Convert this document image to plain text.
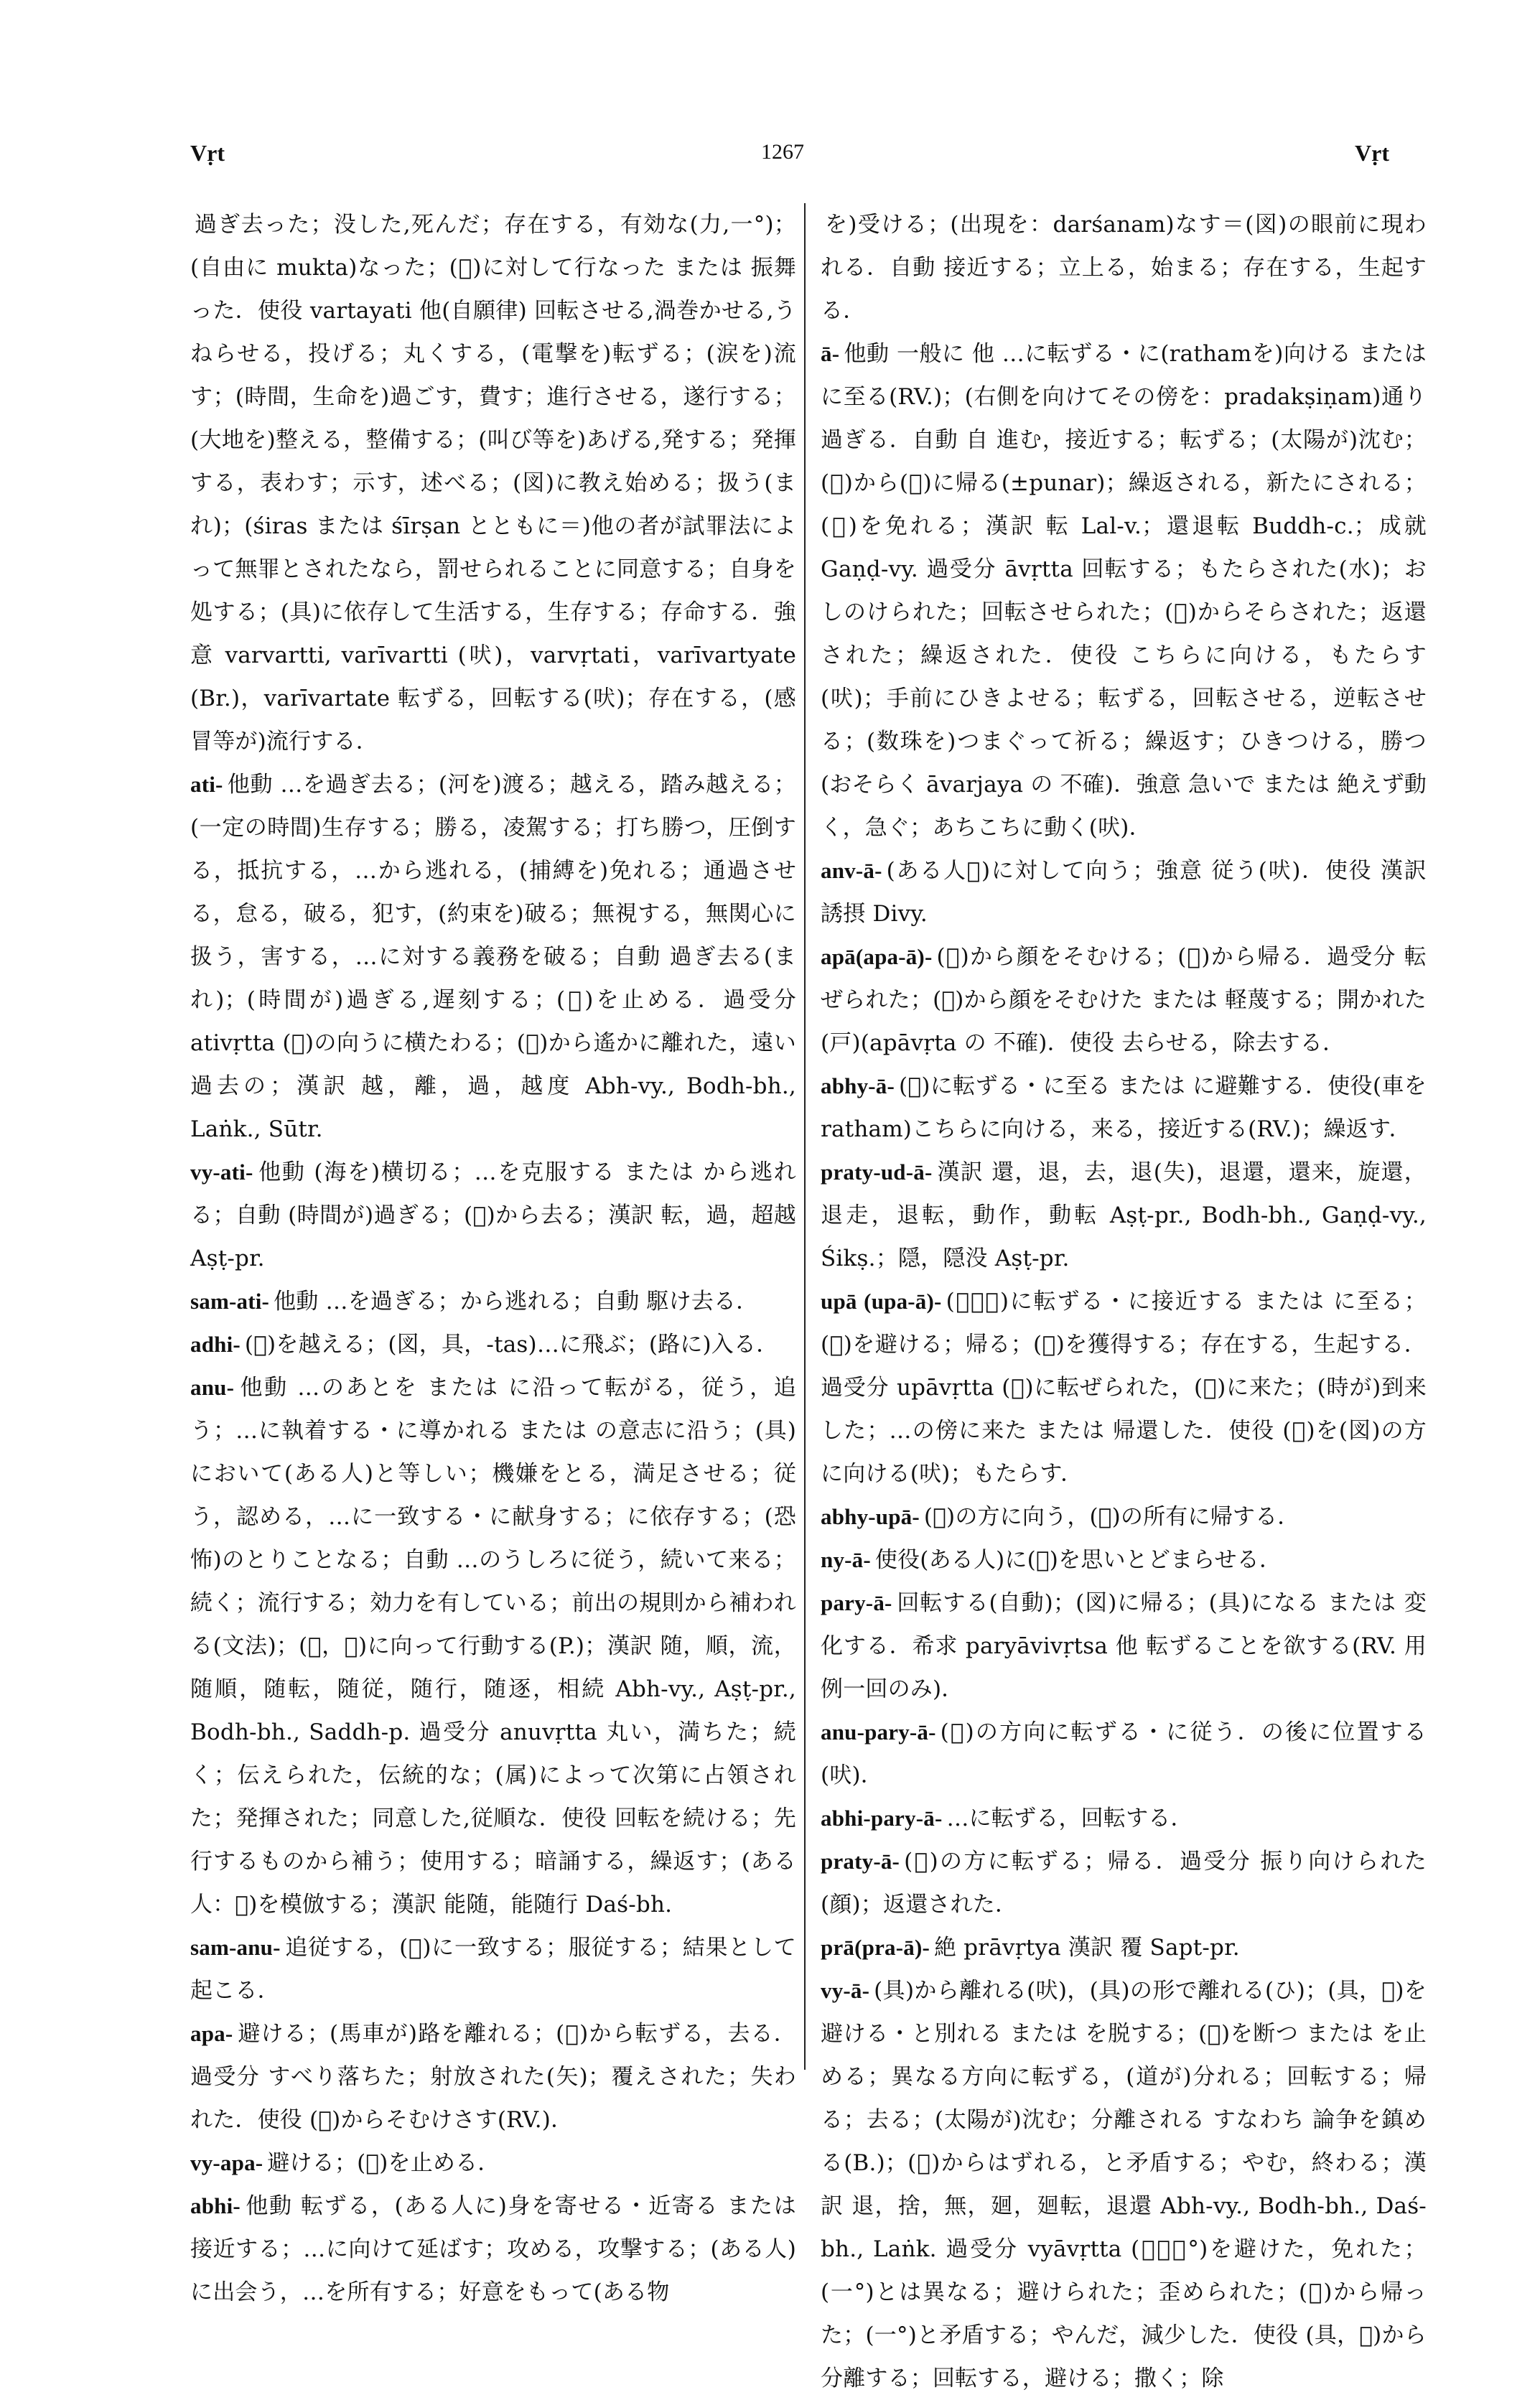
Vṛt	1267	Vṛt

過ぎ去った；没した,死んだ；存在する，有効な(力,一°)；(自由に mukta)なった；(𥟩)に対して行なった または 振舞った．使役 vartayati 他(自願律) 回転させる,渦巻かせる,うねらせる，投げる；丸くする，(電撃を)転ずる；(涙を)流す；(時間，生命を)過ごす，費す；進行させる，遂行する；(大地を)整える，整備する；(叫び等を)あげる,発する；発揮する，表わす；示す，述べる；(図)に教え始める；扱う(まれ)；(śiras または śīrṣan とともに＝)他の者が試罪法によって無罪とされたなら，罰せられることに同意する；自身を処する；(具)に依存して生活する，生存する；存命する．強意 varvartti, varīvartti (吠)，varvṛtati，varīvartyate (Br.)，varīvartate 転ずる，回転する(吠)；存在する，(感冒等が)流行する．

ati- 他動 …を過ぎ去る；(河を)渡る；越える，踏み越える；(一定の時間)生存する；勝る，凌駕する；打ち勝つ，圧倒する，抵抗する，…から逃れる，(捕縛を)免れる；通過させる，怠る，破る，犯す，(約束を)破る；無視する，無関心に扱う，害する，…に対する義務を破る；自動 過ぎ去る(まれ)；(時間が)過ぎる,遅刻する；(𥟩)を止める．過受分 ativṛtta (𥟩)の向うに横たわる；(𥟩)から遙かに離れた，遠い過去の；漢訳 越，離，過，越度 Abh-vy., Bodh-bh., Laṅk., Sūtr.

vy-ati- 他動 (海を)横切る；…を克服する または から逃れる；自動 (時間が)過ぎる；(𥟩)から去る；漢訳 転，過，超越 Aṣṭ-pr.

sam-ati- 他動 …を過ぎる；から逃れる；自動 駆け去る．

adhi- (𥟩)を越える；(図，具，-tas)…に飛ぶ；(路に)入る．

anu- 他動 …のあとを または に沿って転がる，従う，追う；…に執着する・に導かれる または の意志に沿う；(具)において(ある人)と等しい；機嫌をとる，満足させる；従う，認める，…に一致する・に献身する；に依存する；(恐怖)のとりことなる；自動 …のうしろに従う，続いて来る；続く；流行する；効力を有している；前出の規則から補われる(文法)；(𥟩，𥟩)に向って行動する(P.)；漢訳 随，順，流，随順，随転，随従，随行，随逐，相続 Abh-vy., Aṣṭ-pr., Bodh-bh., Saddh-p. 過受分 anuvṛtta 丸い，満ちた；続く；伝えられた，伝統的な；(属)によって次第に占領された；発揮された；同意した,従順な．使役 回転を続ける；先行するものから補う；使用する；暗誦する，繰返す；(ある人：𥟩)を模倣する；漢訳 能随，能随行 Daś-bh.

sam-anu- 追従する，(𥟩)に一致する；服従する；結果として起こる．

apa- 避ける；(馬車が)路を離れる；(𥟩)から転ずる，去る．過受分 すべり落ちた；射放された(矢)；覆えされた；失われた．使役 (𥟩)からそむけさす(RV.)．

vy-apa- 避ける；(𥟩)を止める．

abhi- 他動 転ずる，(ある人に)身を寄せる・近寄る または 接近する；…に向けて延ばす；攻める，攻撃する；(ある人)に出会う，…を所有する；好意をもって(ある物

を)受ける；(出現を：darśanam)なす＝(図)の眼前に現われる．自動 接近する；立上る，始まる；存在する，生起する．

ā- 他動 一般に 他 …に転ずる・に(rathamを)向ける または に至る(RV.)；(右側を向けてその傍を：pradakṣiṇam)通り過ぎる．自動 自 進む，接近する；転ずる；(太陽が)沈む；(𥟩)から(𥟩)に帰る(±punar)；繰返される，新たにされる；(𥟩)を免れる；漢訳 転 Lal-v.；還退転 Buddh-c.；成就 Gaṇḍ-vy. 過受分 āvṛtta 回転する；もたらされた(水)；おしのけられた；回転させられた；(𥟩)からそらされた；返還された；繰返された．使役 こちらに向ける，もたらす(吠)；手前にひきよせる；転ずる，回転させる，逆転させる；(数珠を)つまぐって祈る；繰返す；ひきつける，勝つ(おそらく āvarjaya の 不確)．強意 急いで または 絶えず動く，急ぐ；あちこちに動く(吠)．

anv-ā- (ある人𥟩)に対して向う；強意 従う(吠)．使役 漢訳 誘摂 Divy.

apā(apa-ā)- (𥟩)から顔をそむける；(𥟩)から帰る．過受分 転ぜられた；(𥟩)から顔をそむけた または 軽蔑する；開かれた(戸)(apāvṛta の 不確)．使役 去らせる，除去する．

abhy-ā- (𥟩)に転ずる・に至る または に避難する．使役(車を ratham)こちらに向ける，来る，接近する(RV.)；繰返す．

praty-ud-ā- 漢訳 還，退，去，退(失)，退還，還来，旋還，退走，退転，動作，動転 Aṣṭ-pr., Bodh-bh., Gaṇḍ-vy., Śikṣ.；隠，隠没 Aṣṭ-pr.

upā (upa-ā)- (𥟩，𥟩)に転ずる・に接近する または に至る；(𥟩)を避ける；帰る；(𥟩)を獲得する；存在する，生起する．過受分 upāvṛtta (𥟩)に転ぜられた，(𥟩)に来た；(時が)到来した；…の傍に来た または 帰還した．使役 (𥟩)を(図)の方に向ける(吠)；もたらす．

abhy-upā- (𥟩)の方に向う，(𥟩)の所有に帰する．

ny-ā- 使役(ある人)に(𥟩)を思いとどまらせる．

pary-ā- 回転する(自動)；(図)に帰る；(具)になる または 変化する．希求 paryāvivṛtsa 他 転ずることを欲する(RV. 用例一回のみ)．

anu-pary-ā- (𥟩)の方向に転ずる・に従う．の後に位置する(吠)．

abhi-pary-ā- …に転ずる，回転する．

praty-ā- (𥟩)の方に転ずる；帰る．過受分 振り向けられた(顔)；返還された．

prā(pra-ā)- 絶 prāvṛtya 漢訳 覆 Sapt-pr.

vy-ā- (具)から離れる(吠)，(具)の形で離れる(ひ)；(具，𥟩)を避ける・と別れる または を脱する；(𥟩)を断つ または を止める；異なる方向に転ずる，(道が)分れる；回転する；帰る；去る；(太陽が)沈む；分離される すなわち 論争を鎮める(B.)；(𥟩)からはずれる，と矛盾する；やむ，終わる；漢訳 退，捨，無，廻，廻転，退還 Abh-vy., Bodh-bh., Daś-bh., Laṅk. 過受分 vyāvṛtta (𥟩，一°)を避けた，免れた；(一°)とは異なる；避けられた；歪められた；(𥟩)から帰った；(一°)と矛盾する；やんだ，減少した．使役 (具，𥟩)から分離する；回転する，避ける；撒く；除
